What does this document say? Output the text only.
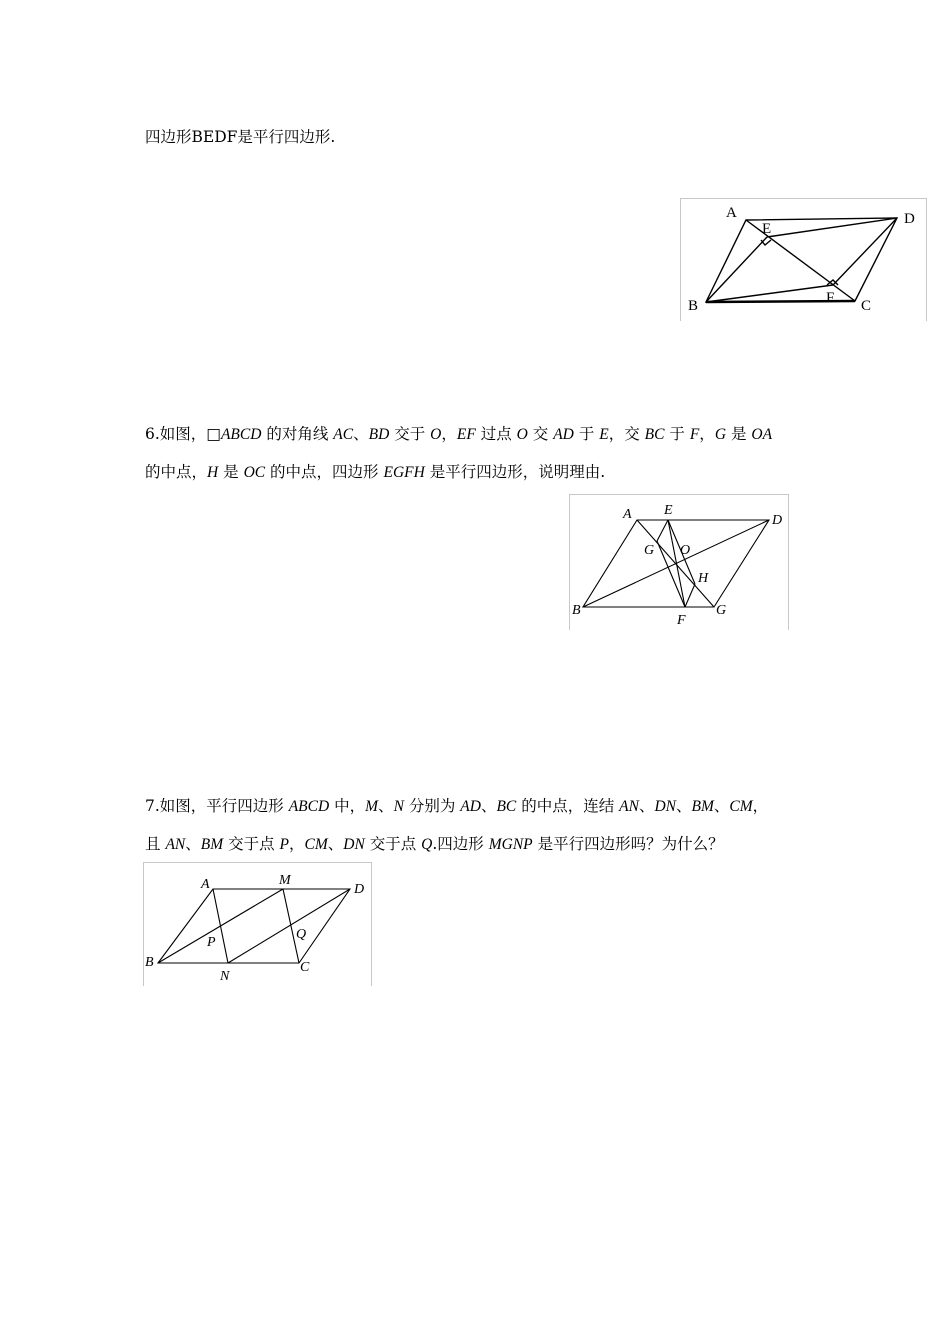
四边形BEDF是平行四边形.
A	D
E
F
B	C
6.如图，□ABCD 的对角线 AC、BD 交于 O，EF 过点 O 交 AD 于 E，交 BC 于 F，G 是 OA
的中点，H 是 OC 的中点，四边形 EGFH 是平行四边形，说明理由.
A E
D
G O
H
B
F
G
7.如图，平行四边形 ABCD 中，M、N 分别为 AD、BC 的中点，连结 AN、DN、BM、CM，
且 AN、BM 交于点 P，CM、DN 交于点 Q.四边形 MGNP 是平行四边形吗？为什么？
A	M
D
P
Q
B
N
C
